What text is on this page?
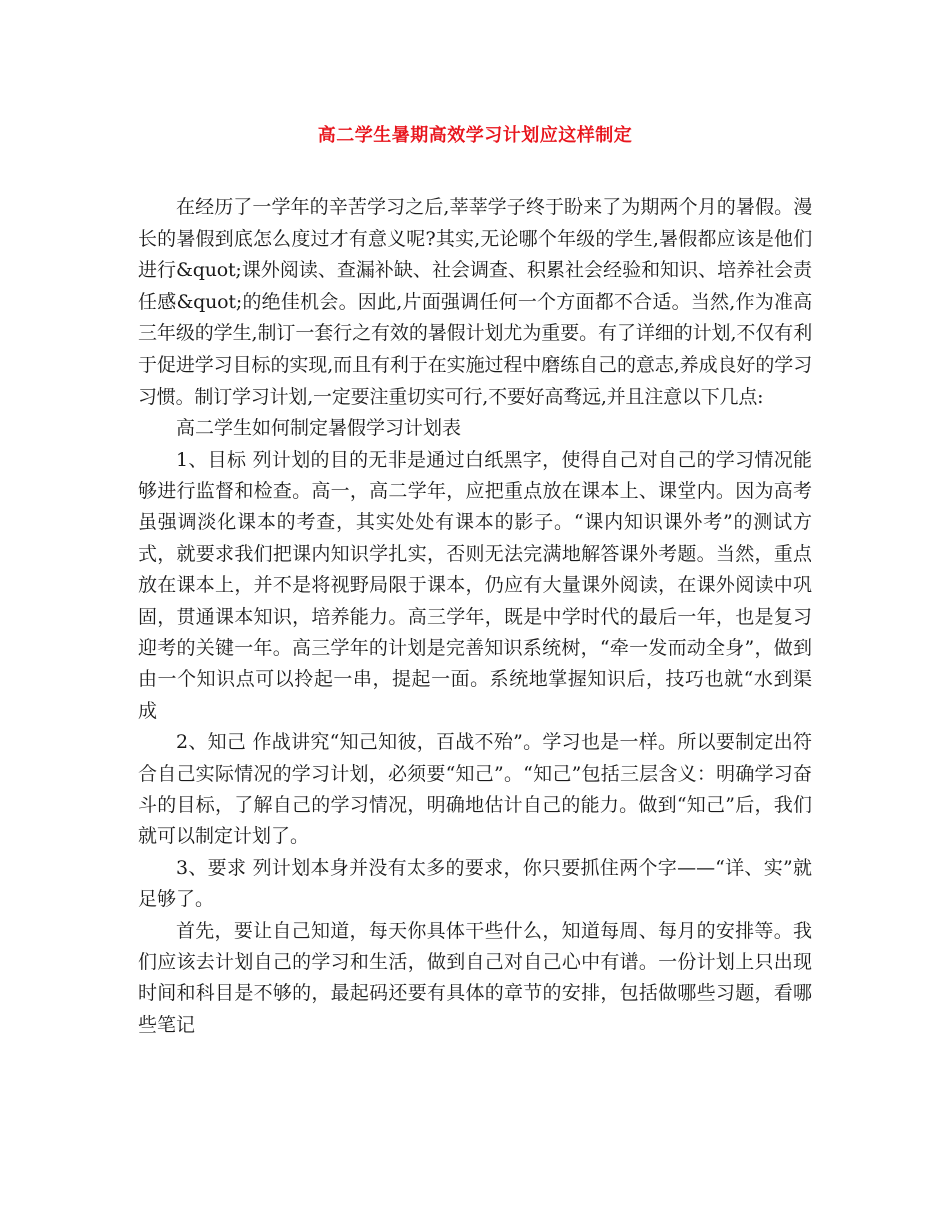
高二学生暑期高效学习计划应这样制定

在经历了一学年的辛苦学习之后,莘莘学子终于盼来了为期两个月的暑假。漫长的暑假到底怎么度过才有意义呢?其实,无论哪个年级的学生,暑假都应该是他们进行&quot;课外阅读、查漏补缺、社会调查、积累社会经验和知识、培养社会责任感&quot;的绝佳机会。因此,片面强调任何一个方面都不合适。当然,作为准高三年级的学生,制订一套行之有效的暑假计划尤为重要。有了详细的计划,不仅有利于促进学习目标的实现,而且有利于在实施过程中磨练自己的意志,养成良好的学习习惯。制订学习计划,一定要注重切实可行,不要好高骛远,并且注意以下几点:

高二学生如何制定暑假学习计划表

1、目标 列计划的目的无非是通过白纸黑字，使得自己对自己的学习情况能够进行监督和检查。高一，高二学年，应把重点放在课本上、课堂内。因为高考虽强调淡化课本的考查，其实处处有课本的影子。“课内知识课外考”的测试方式，就要求我们把课内知识学扎实，否则无法完满地解答课外考题。当然，重点放在课本上，并不是将视野局限于课本，仍应有大量课外阅读，在课外阅读中巩固，贯通课本知识，培养能力。高三学年，既是中学时代的最后一年，也是复习迎考的关键一年。高三学年的计划是完善知识系统树，“牵一发而动全身”，做到由一个知识点可以拎起一串，提起一面。系统地掌握知识后，技巧也就“水到渠成

2、知己 作战讲究“知己知彼，百战不殆”。学习也是一样。所以要制定出符合自己实际情况的学习计划，必须要“知己”。“知己”包括三层含义：明确学习奋斗的目标，了解自己的学习情况，明确地估计自己的能力。做到“知己”后，我们就可以制定计划了。

3、要求 列计划本身并没有太多的要求，你只要抓住两个字——“详、实”就足够了。

首先，要让自己知道，每天你具体干些什么，知道每周、每月的安排等。我们应该去计划自己的学习和生活，做到自己对自己心中有谱。一份计划上只出现时间和科目是不够的，最起码还要有具体的章节的安排，包括做哪些习题，看哪些笔记
